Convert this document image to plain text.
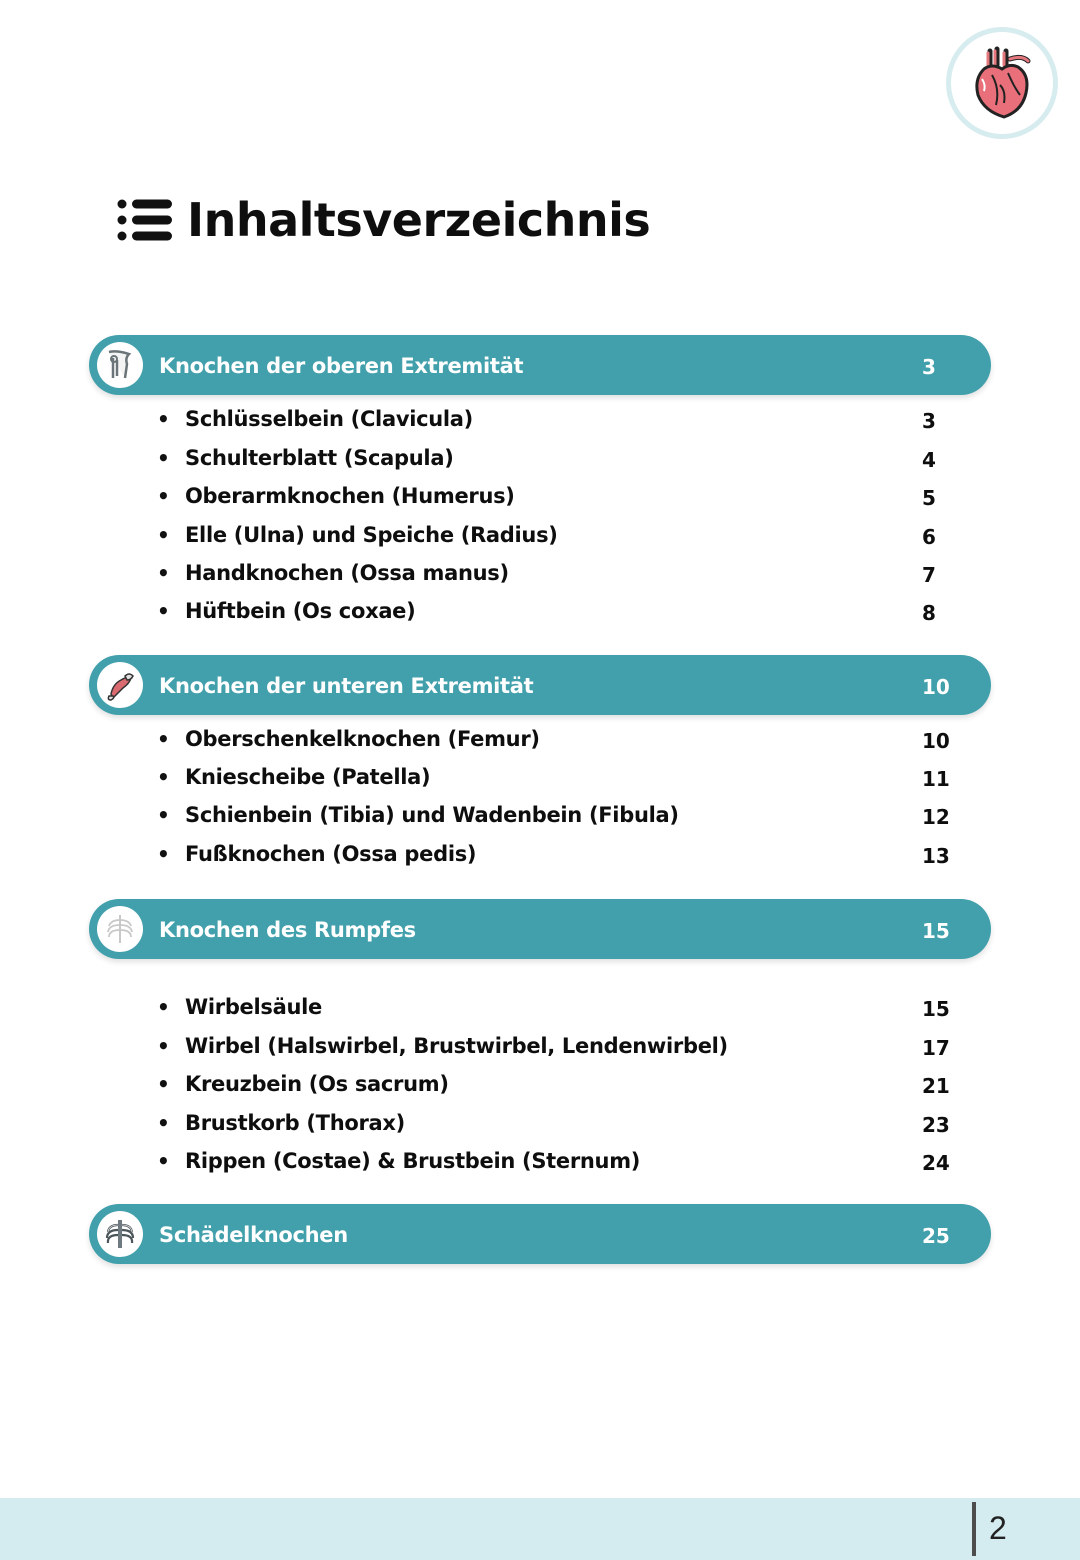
Inhaltsverzeichnis
Knochen der oberen Extremität	3
• Schlüsselbein (Clavicula)	3
• Schulterblatt (Scapula)	4
• Oberarmknochen (Humerus)	5
• Elle (Ulna) und Speiche (Radius)	6
• Handknochen (Ossa manus)	7
• Hüftbein (Os coxae)	8
Knochen der unteren Extremität	10
• Oberschenkelknochen (Femur)	10
• Kniescheibe (Patella)	11
• Schienbein (Tibia) und Wadenbein (Fibula)	12
• Fußknochen (Ossa pedis)	13
Knochen des Rumpfes	15
• Wirbelsäule	15
• Wirbel (Halswirbel, Brustwirbel, Lendenwirbel)	17
• Kreuzbein (Os sacrum)	21
• Brustkorb (Thorax)	23
• Rippen (Costae) & Brustbein (Sternum)	24
Schädelknochen	25
2
